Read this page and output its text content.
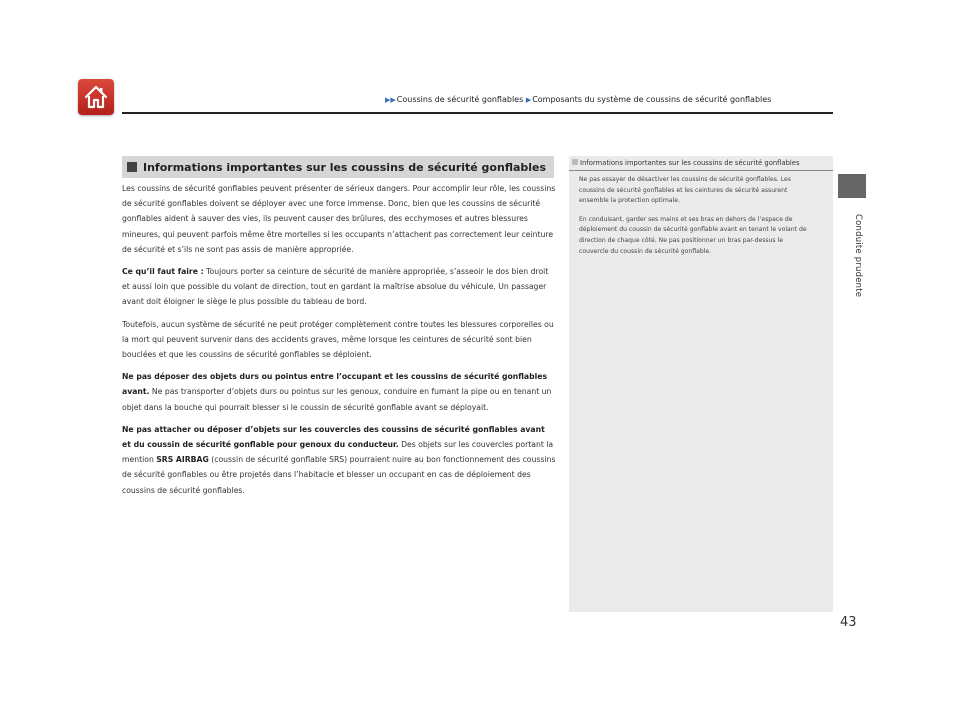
▶▶Coussins de sécurité gonflables ▶Composants du système de coussins de sécurité gonflables
Conduite prudente
Informations importantes sur les coussins de sécurité gonflables

Les coussins de sécurité gonflables peuvent présenter de sérieux dangers. Pour accomplir leur rôle, les coussins de sécurité gonflables doivent se déployer avec une force immense. Donc, bien que les coussins de sécurité gonflables aident à sauver des vies, ils peuvent causer des brûlures, des ecchymoses et autres blessures mineures, qui peuvent parfois même être mortelles si les occupants n’attachent pas correctement leur ceinture de sécurité et s’ils ne sont pas assis de manière appropriée.

Ce qu’il faut faire : Toujours porter sa ceinture de sécurité de manière appropriée, s’asseoir le dos bien droit et aussi loin que possible du volant de direction, tout en gardant la maîtrise absolue du véhicule. Un passager avant doit éloigner le siège le plus possible du tableau de bord.

Toutefois, aucun système de sécurité ne peut protéger complètement contre toutes les blessures corporelles ou la mort qui peuvent survenir dans des accidents graves, même lorsque les ceintures de sécurité sont bien bouclées et que les coussins de sécurité gonflables se déploient.

Ne pas déposer des objets durs ou pointus entre l’occupant et les coussins de sécurité gonflables avant. Ne pas transporter d’objets durs ou pointus sur les genoux, conduire en fumant la pipe ou en tenant un objet dans la bouche qui pourrait blesser si le coussin de sécurité gonflable avant se déployait.

Ne pas attacher ou déposer d’objets sur les couvercles des coussins de sécurité gonflables avant et du coussin de sécurité gonflable pour genoux du conducteur. Des objets sur les couvercles portant la mention SRS AIRBAG (coussin de sécurité gonflable SRS) pourraient nuire au bon fonctionnement des coussins de sécurité gonflables ou être projetés dans l’habitacle et blesser un occupant en cas de déploiement des coussins de sécurité gonflables.

Informations importantes sur les coussins de sécurité gonflables

Ne pas essayer de désactiver les coussins de sécurité gonflables. Les coussins de sécurité gonflables et les ceintures de sécurité assurent ensemble la protection optimale.

En conduisant, garder ses mains et ses bras en dehors de l’espace de déploiement du coussin de sécurité gonflable avant en tenant le volant de direction de chaque côté. Ne pas positionner un bras par-dessus le couvercle du coussin de sécurité gonflable.

43
